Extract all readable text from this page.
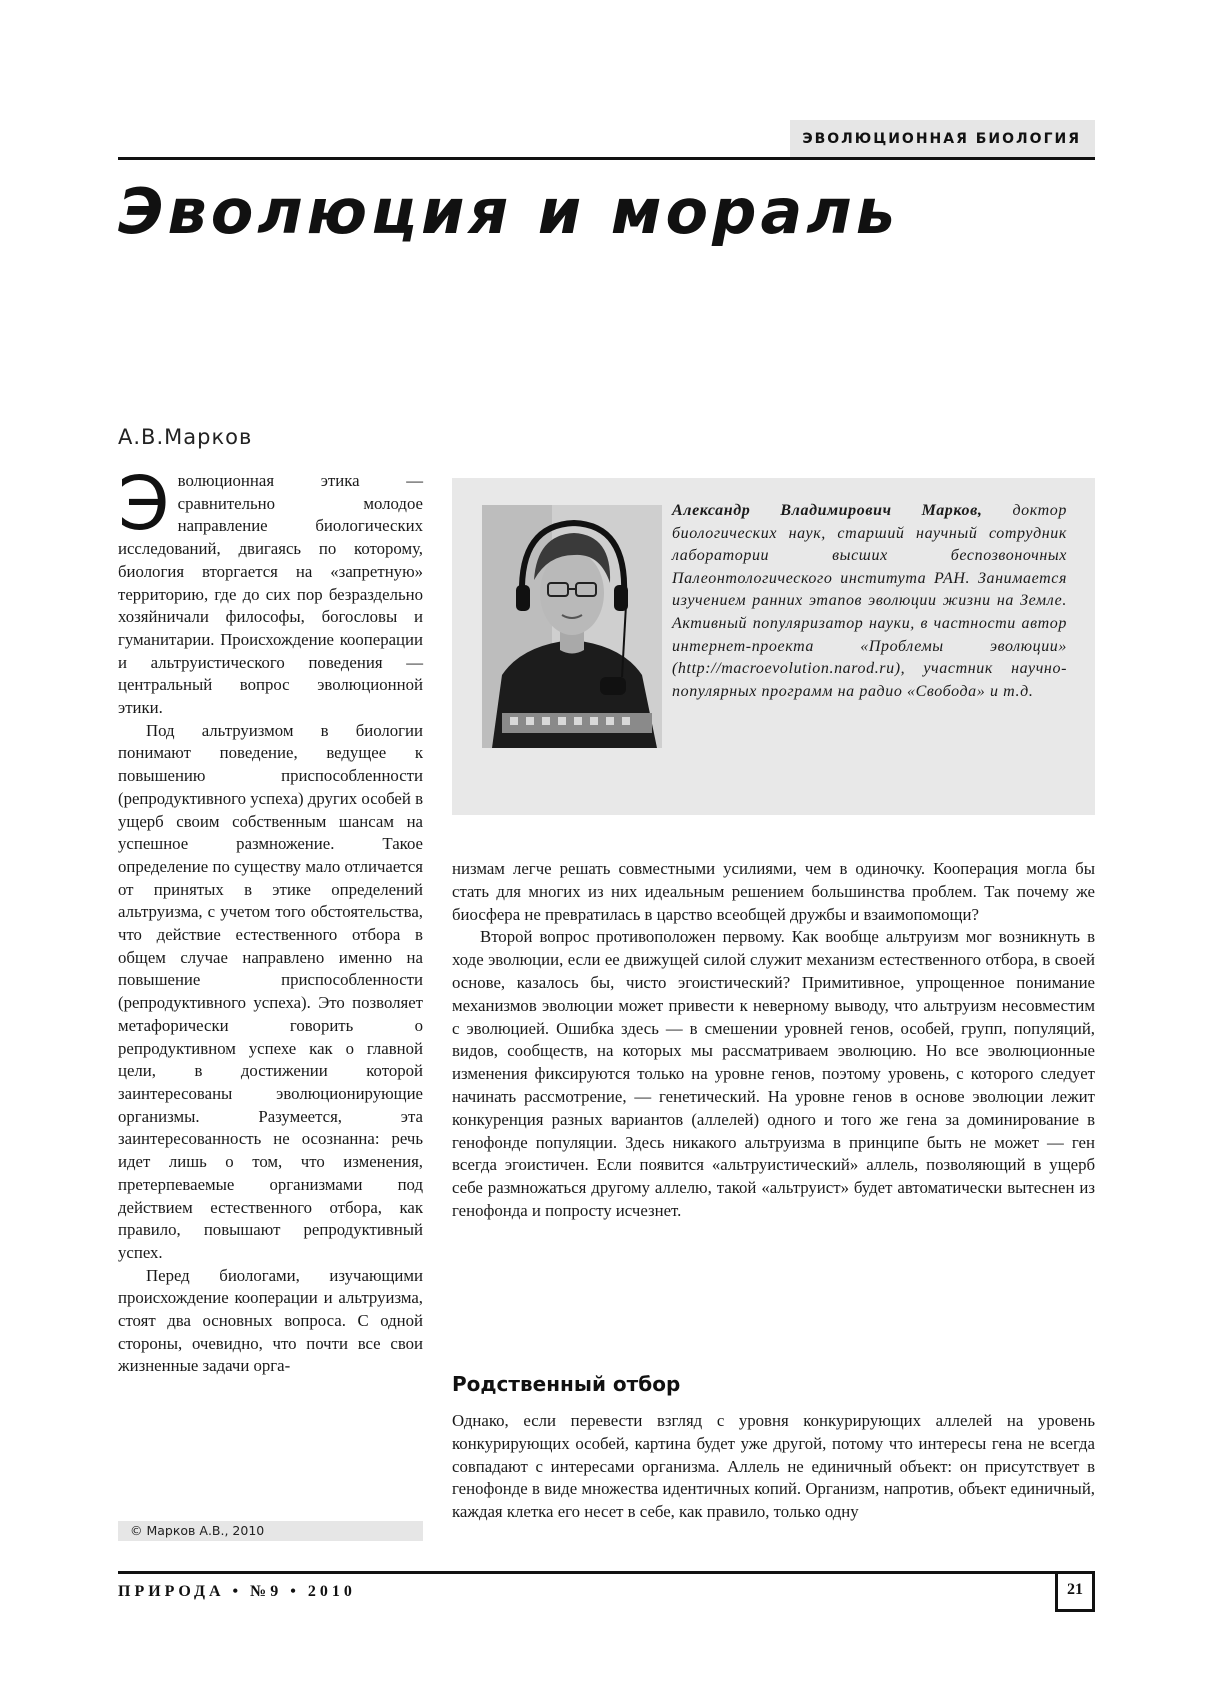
ЭВОЛЮЦИОННАЯ БИОЛОГИЯ
Эволюция и мораль
А.В.Марков

Эволюционная этика — сравнительно молодое направление биологических исследований, двигаясь по которому, биология вторгается на «запретную» территорию, где до сих пор безраздельно хозяйничали философы, богословы и гуманитарии. Происхождение кооперации и альтруистического поведения — центральный вопрос эволюционной этики.

Под альтруизмом в биологии понимают поведение, ведущее к повышению приспособленности (репродуктивного успеха) других особей в ущерб своим собственным шансам на успешное размножение. Такое определение по существу мало отличается от принятых в этике определений альтруизма, с учетом того обстоятельства, что действие естественного отбора в общем случае направлено именно на повышение приспособленности (репродуктивного успеха). Это позволяет метафорически говорить о репродуктивном успехе как о главной цели, в достижении которой заинтересованы эволюционирующие организмы. Разумеется, эта заинтересованность не осознанна: речь идет лишь о том, что изменения, претерпеваемые организмами под действием естественного отбора, как правило, повышают репродуктивный успех.

Перед биологами, изучающими происхождение кооперации и альтруизма, стоят два основных вопроса. С одной стороны, очевидно, что почти все свои жизненные задачи орга-

© Марков А.В., 2010
Александр Владимирович Марков, доктор биологических наук, старший научный сотрудник лаборатории высших беспозвоночных Палеонтологического института РАН. Занимается изучением ранних этапов эволюции жизни на Земле. Активный популяризатор науки, в частности автор интернет-проекта «Проблемы эволюции» (http://macroevolution.narod.ru), участник научно-популярных программ на радио «Свобода» и т.д.

низмам легче решать совместными усилиями, чем в одиночку. Кооперация могла бы стать для многих из них идеальным решением большинства проблем. Так почему же биосфера не превратилась в царство всеобщей дружбы и взаимопомощи?

Второй вопрос противоположен первому. Как вообще альтруизм мог возникнуть в ходе эволюции, если ее движущей силой служит механизм естественного отбора, в своей основе, казалось бы, чисто эгоистический? Примитивное, упрощенное понимание механизмов эволюции может привести к неверному выводу, что альтруизм несовместим с эволюцией. Ошибка здесь — в смешении уровней генов, особей, групп, популяций, видов, сообществ, на которых мы рассматриваем эволюцию. Но все эволюционные изменения фиксируются только на уровне генов, поэтому уровень, с которого следует начинать рассмотрение, — генетический. На уровне генов в основе эволюции лежит конкуренция разных вариантов (аллелей) одного и того же гена за доминирование в генофонде популяции. Здесь никакого альтруизма в принципе быть не может — ген всегда эгоистичен. Если появится «альтруистический» аллель, позволяющий в ущерб себе размножаться другому аллелю, такой «альтруист» будет автоматически вытеснен из генофонда и попросту исчезнет.

Родственный отбор

Однако, если перевести взгляд с уровня конкурирующих аллелей на уровень конкурирующих особей, картина будет уже другой, потому что интересы гена не всегда совпадают с интересами организма. Аллель не единичный объект: он присутствует в генофонде в виде множества идентичных копий. Организм, напротив, объект единичный, каждая клетка его несет в себе, как правило, только одну

ПРИРОДА • №9 • 2010	21
